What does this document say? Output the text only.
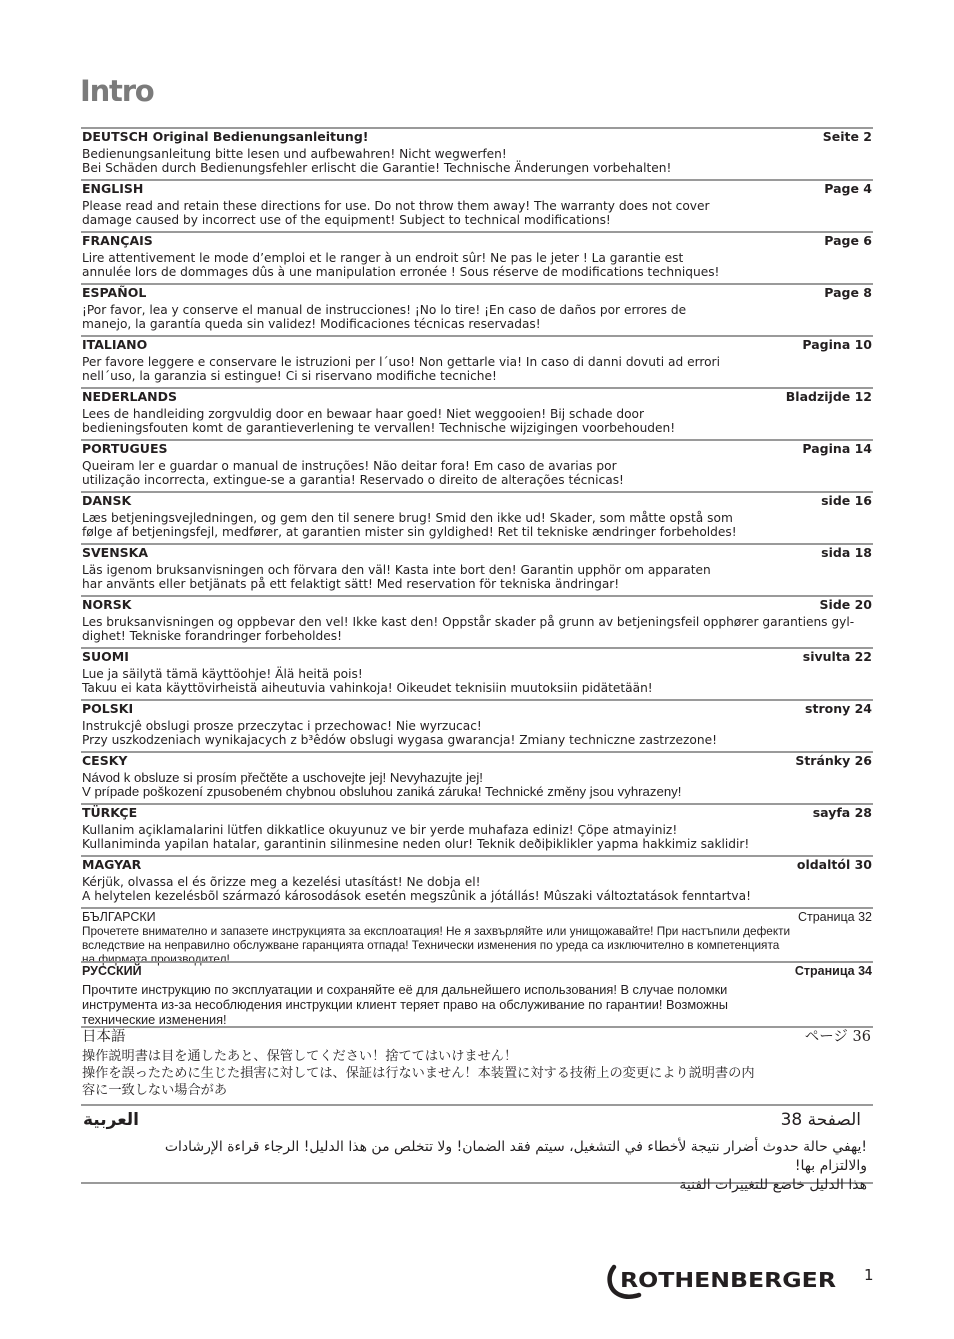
Intro
DEUTSCH Original Bedienungsanleitung!	Seite 2

Bedienungsanleitung bitte lesen und aufbewahren! Nicht wegwerfen!

Bei Schäden durch Bedienungsfehler erlischt die Garantie! Technische Änderungen vorbehalten!

ENGLISH	Page 4

Please read and retain these directions for use. Do not throw them away! The warranty does not cover

damage caused by incorrect use of the equipment! Subject to technical modifications!

FRANÇAIS	Page 6

Lire attentivement le mode d’emploi et le ranger à un endroit sûr! Ne pas le jeter ! La garantie est

annulée lors de dommages dûs à une manipulation erronée ! Sous réserve de modifications techniques!

ESPAÑOL	Page 8

¡Por favor, lea y conserve el manual de instrucciones! ¡No lo tire! ¡En caso de daños por errores de

manejo, la garantía queda sin validez! Modificaciones técnicas reservadas!

ITALIANO	Pagina 10

Per favore leggere e conservare le istruzioni per l´uso! Non gettarle via! In caso di danni dovuti ad errori

nell´uso, la garanzia si estingue! Ci si riservano modifiche tecniche!

NEDERLANDS	Bladzijde 12

Lees de handleiding zorgvuldig door en bewaar haar goed! Niet weggooien! Bij schade door

bedieningsfouten komt de garantieverlening te vervallen! Technische wijzigingen voorbehouden!

PORTUGUES	Pagina 14

Queiram ler e guardar o manual de instruções! Não deitar fora! Em caso de avarias por

utilização incorrecta, extingue-se a garantia! Reservado o direito de alterações técnicas!

DANSK	side 16

Læs betjeningsvejledningen, og gem den til senere brug! Smid den ikke ud! Skader, som måtte opstå som

følge af betjeningsfejl, medfører, at garantien mister sin gyldighed! Ret til tekniske ændringer forbeholdes!

SVENSKA	sida 18

Läs igenom bruksanvisningen och förvara den väl! Kasta inte bort den! Garantin upphör om apparaten

har använts eller betjänats på ett felaktigt sätt! Med reservation för tekniska ändringar!

NORSK	Side 20

Les bruksanvisningen og oppbevar den vel! Ikke kast den! Oppstår skader på grunn av betjeningsfeil opphører garantiens gyl-

dighet! Tekniske forandringer forbeholdes!

SUOMI	sivulta 22

Lue ja säilytä tämä käyttöohje! Älä heitä pois!

Takuu ei kata käyttövirheistä aiheutuvia vahinkoja! Oikeudet teknisiin muutoksiin pidätetään!

POLSKI	strony 24

Instrukcjê obslugi prosze przeczytac i przechowac! Nie wyrzucac!

Przy uszkodzeniach wynikajacych z b³êdów obslugi wygasa gwarancja! Zmiany techniczne zastrzezone!

CESKY	Stránky 26

Návod k obsluze si prosím přečtěte a uschovejte jej! Nevyhazujte jej!

V prípade poškození zpusobeném chybnou obsluhou zaniká záruka! Technické změny jsou vyhrazeny!

TÜRKÇE	sayfa 28

Kullanim açiklamalarini lütfen dikkatlice okuyunuz ve bir yerde muhafaza ediniz! Çöpe atmayiniz!

Kullaniminda yapilan hatalar, garantinin silinmesine neden olur! Teknik deðiþiklikler yapma hakkimiz saklidir!

MAGYAR	oldaltól 30

Kérjük, olvassa el és õrizze meg a kezelési utasítást! Ne dobja el!

A helytelen kezelésbõl származó károsodások esetén megszûnik a jótállás! Mûszaki változtatások fenntartva!

БЪЛГАРСКИ	Страница 32

Прочетете внимателно и запазете инструкцията за експлоатация! Не я захвърляйте или унищожавайте! При настъпили дефекти

вследствие на неправилно обслужване гаранцията отпада! Технически изменения по уреда са изключително в компетенцията

на фирмата производител!

РУССКИЙ	Страница 34

Прочтите инструкцию по эксплуатации и сохраняйте её для дальнейшего использования! В случае поломки

инструмента из-за несоблюдения инструкции клиент теряет право на обслуживание по гарантии! Возможны

технические изменения!

日本語	ページ 36

操作説明書は目を通したあと、保管してください！捨ててはいけません！

操作を誤ったために生じた損害に対しては、保証は行ないません！本装置に対する技術上の変更により説明書の内

容に一致しない場合があ

العربية	الصفحة 38

!يهفي حالة حدوث أضرار نتيجة لأخطاء في التشغيل، سيتم فقد الضمان! ولا تتخلص من هذا الدليل! الرجاء قراءة الإرشادات والالتزام بها!

هذا الدليل خاضع للتغييرات الفنية

ROTHENBERGER 1
